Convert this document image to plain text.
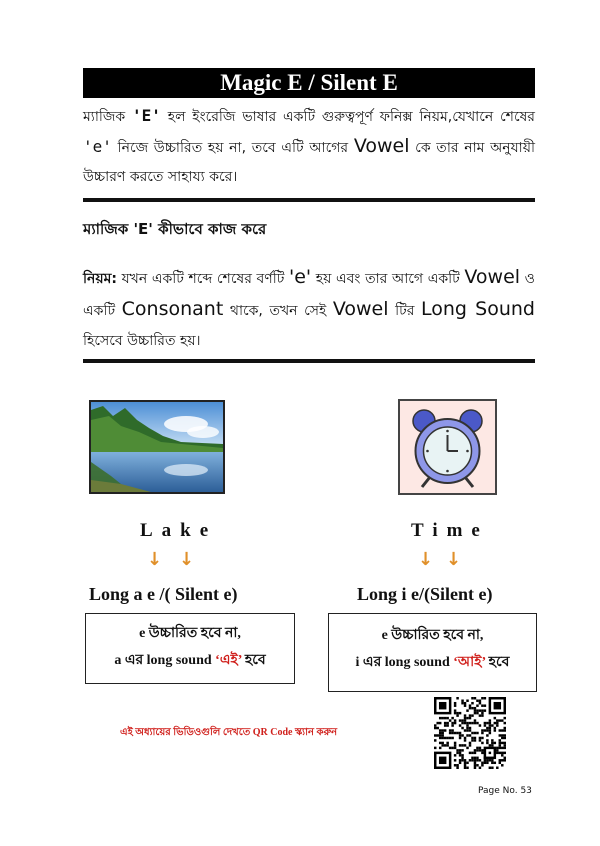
Magic E / Silent E
ম্যাজিক 'E' হল ইংরেজি ভাষার একটি গুরুত্বপূর্ণ ফনিক্স নিয়ম,যেখানে শেষের 'e' নিজে উচ্চারিত হয় না, তবে এটি আগের Vowel কে তার নাম অনুযায়ী উচ্চারণ করতে সাহায্য করে।
ম্যাজিক 'E' কীভাবে কাজ করে
নিয়ম: যখন একটি শব্দে শেষের বর্ণটি 'e' হয় এবং তার আগে একটি Vowel ও একটি Consonant থাকে, তখন সেই Vowel টির Long Sound হিসেবে উচ্চারিত হয়।
Lake
↓ ↓
Long a e /( Silent e)
e উচ্চারিত হবে না,
a এর long sound ‘এই’ হবে
Time
↓ ↓
Long i e/(Silent e)
e উচ্চারিত হবে না,
i এর long sound ‘আই’ হবে
এই অধ্যায়ের ভিডিওগুলি দেখতে QR Code স্ক্যান করুন
Page No. 53
